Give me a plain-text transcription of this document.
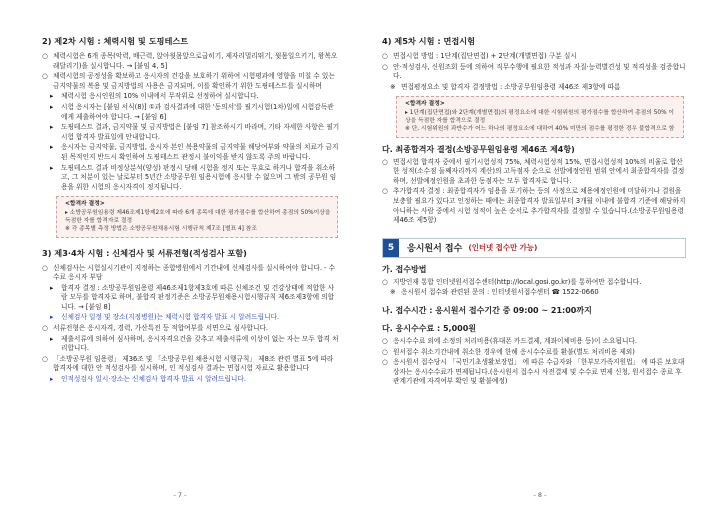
2) 제2차 시험 : 체력시험 및 도핑테스트
○ 체력시험은 6개 종목(악력, 배근력, 앉아윗몸앞으로굽히기, 제자리멀리뛰기, 윗몸일으키기, 왕복오래달리기)을 실시합니다. → [붙임 4, 5]
○ 체력시험의 공정성을 확보하고 응시자의 건강을 보호하기 위하여 시험평과에 영향을 미칠 수 있는 금지약물의 복용 및 금지방법의 사용은 금지되며, 이를 확인하기 위한 도핑테스트를 실시하며
▸ 체력시험 응시인원의 10% 이내에서 무작위로 선정하여 실시합니다.
▸ 시험 응시자는 [붙임 서식(8)] ①과 검사결과에 대한 '동의서'를 필기시험(1차)일에 시험감독관에게 제출하여야 합니다. → [붙임 6]
▸ 도핑테스트 결과, 금지약물 및 금지방법은 [붙임 7] 참조하시기 바라며, 기타 자세한 사항은 필기시험 합격자 발표일에 안내합니다.
▸ 응시자는 금지약물, 금지방법, 응시자 본인 복용약물의 금지약물 해당여부와 약물의 치료가 금지된 목적인지 반드시 확인하여 도핑테스트 관정시 불이익을 받지 않도록 주의 바랍니다.
▸ 도핑테스트 결과 비정상분석(양성) 판정시 당해 시험을 정지 또는 무효로 하거나 합격을 취소하고, 그 처분이 있는 날로부터 5년간 소방공무원 임용시험에 응시할 수 없으며 그 밖의 공무원 임용을 위한 시험의 응시자격이 정지됩니다.
<합격자 결정>
▸ 소방공무원임용령 제46조제1항제2호에 따라 6개 종목에 대한 평가점수를 합산하여 총점의 50%이상을 득점한 자를 합격자로 결정
※ 각 종목별 측정 방법은 소방공무원채용시험 시행규칙 제7조 [별표 4] 참조
3) 제3·4차 시험 : 신체검사 및 서류전형(적성검사 포함)
○ 신체검사는 시험실시기관이 지정하는 종합병원에서 기간내에 신체검사를 실시하여야 합니다. - 수수료 응시자 부담
▸ 합격자 결정 : 소방공무원임용령 제46조제1항제3호에 따른 신체조건 및 건강상태에 적합한 사람 모두를 합격자로 하며, 불합격 판정기준은 소방공무원채용시험시행규칙 제6조제3항에 의합니다. → [붙임 8]
▸ 신체검사 일정 및 장소(지정병원)는 체력시험 합격자 발표 시 알려드립니다.
○ 서류전형은 응시자격, 경력, 가산특전 등 적합여부를 서면으로 심사합니다.
▸ 제출서류에 의하여 심사하며, 응시자격요건을 갖추고 제출서류에 이상이 없는 자는 모두 합격 처리합니다.
○ 「소방공무원 임용령」 제36조 및 「소방공무원 채용시험 시행규칙」 제8조 관련 별표 5에 따라 합격자에 대한 안 적성검사를 실시하며, 인 적성검사 결과는 면접시험 자료로 활용합니다
▸ 인적성검사 일시·장소는 신체검사 합격자 발표 시 알려드립니다.
- 7 -
4) 제5차 시험 : 면접시험
○ 면접시험 방법 : 1단계(집단면접) + 2단계(개별면접) 구분 실시
○ 안·적성검사, 신원조회 등에 의하여 직무수행에 필요한 적성과 자질·능력별견성 및 적격성을 검증합니다.
※ 면접평정요소 및 합격자 결정방법 : 소방공무원임용령 제46조 제3항에 따름
<합격자 결정>
▸ 1단계(집단면접)와 2단계(개별면접)의 평정요소에 대한 시험위원의 평가점수를 합산하여 총점의 50% 이상을 득점한 자를 합격으로 결정
※ 단, 시험위원의 과반수가 어느 하나의 평정요소에 대하여 40% 미만의 점수를 평정한 경우 불합격으로 함
다. 최종합격자 결정(소방공무원임용령 제46조 제4항)
○ 면접시험 합격자 중에서 필기시험성적 75%, 체력시험성적 15%, 면접시험성적 10%의 비율로 합산한 성적(소수점 둘째자리까지 계산)의 고득점자 순으로 선발예정인원 범위 안에서 최종합격자를 결정하며, 선발예정인원을 초과한 동점자는 모두 합격자로 합니다.
○ 추가합격자 결정 : 최종합격자가 임용을 포기하는 등의 사정으로 채용예정인원에 미달하거나 결원을 보충할 필요가 있다고 인정하는 때에는 최종합격자 발표일부터 3개월 이내에 불합격 기준에 해당하지 아니하는 사람 중에서 시험 성적이 높은 순서로 추가합격자를 결정할 수 있습니다.(소방공무원임용령 제46조 제5항)
5	응시원서 접수 (인터넷 접수만 가능)
가. 접수방법
○ 지방인재 통합 인터넷원서접수센터(http://local.gosi.go.kr)를 통하여만 접수합니다.
※ 응시원서 접수와 관련된 문의 : 인터넷원서접수센터 ☎ 1522-0660
나. 접수시간 : 응시원서 접수기간 중 09:00 ~ 21:00까지
다. 응시수수료 : 5,000원
○ 응시수수료 외에 소정의 처리비용(휴대폰 카드결제, 계좌이체비용 등)이 소요됩니다.
○ 원서접수 취소기간내에 취소한 경우에 한해 응시수수료를 환불(별도 처리비용 제외)
○ 응시원서 접수당시 「국민기초생활보장법」 에 따른 수급자와 「한부모가족지원법」 에 따른 보호대상자는 응시수수료가 면제됩니다.(응시원서 접수시 사전결제 및 수수료 면제 신청, 원서접수 종료 후 관계기관에 자격여부 확인 및 환불예정)
- 8 -
